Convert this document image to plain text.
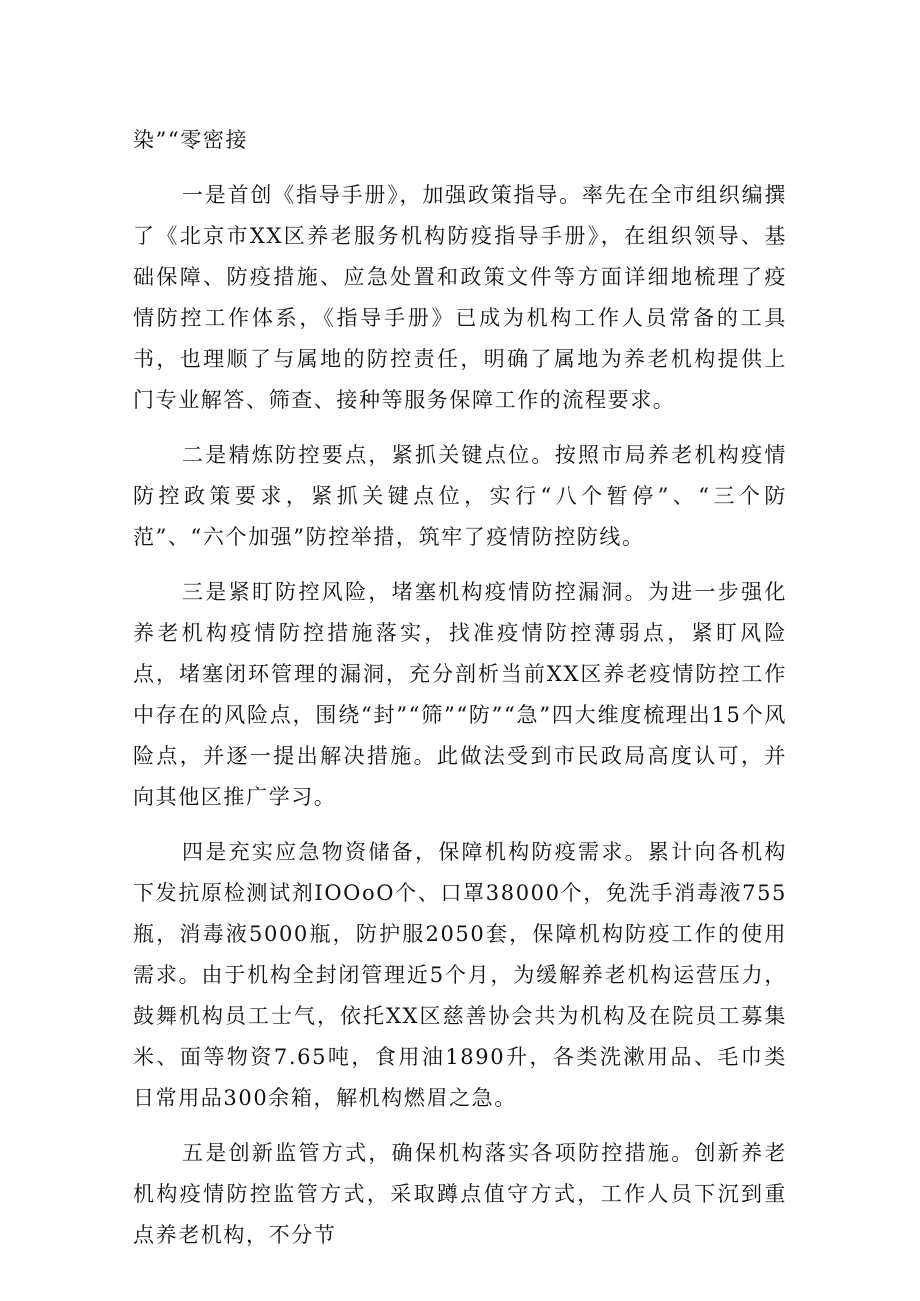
染”“零密接

一是首创《指导手册》，加强政策指导。率先在全市组织编撰了《北京市XX区养老服务机构防疫指导手册》，在组织领导、基础保障、防疫措施、应急处置和政策文件等方面详细地梳理了疫情防控工作体系，《指导手册》已成为机构工作人员常备的工具书，也理顺了与属地的防控责任，明确了属地为养老机构提供上门专业解答、筛查、接种等服务保障工作的流程要求。

二是精炼防控要点，紧抓关键点位。按照市局养老机构疫情防控政策要求，紧抓关键点位，实行“八个暂停”、“三个防范”、“六个加强”防控举措，筑牢了疫情防控防线。

三是紧盯防控风险，堵塞机构疫情防控漏洞。为进一步强化养老机构疫情防控措施落实，找准疫情防控薄弱点，紧盯风险点，堵塞闭环管理的漏洞，充分剖析当前XX区养老疫情防控工作中存在的风险点，围绕“封”“筛”“防”“急”四大维度梳理出15个风险点，并逐一提出解决措施。此做法受到市民政局高度认可，并向其他区推广学习。

四是充实应急物资储备，保障机构防疫需求。累计向各机构下发抗原检测试剂IOOoO个、口罩38000个，免洗手消毒液755瓶，消毒液5000瓶，防护服2050套，保障机构防疫工作的使用需求。由于机构全封闭管理近5个月，为缓解养老机构运营压力，鼓舞机构员工士气，依托XX区慈善协会共为机构及在院员工募集米、面等物资7.65吨，食用油1890升，各类洗漱用品、毛巾类日常用品300余箱，解机构燃眉之急。

五是创新监管方式，确保机构落实各项防控措施。创新养老机构疫情防控监管方式，采取蹲点值守方式，工作人员下沉到重点养老机构，不分节
